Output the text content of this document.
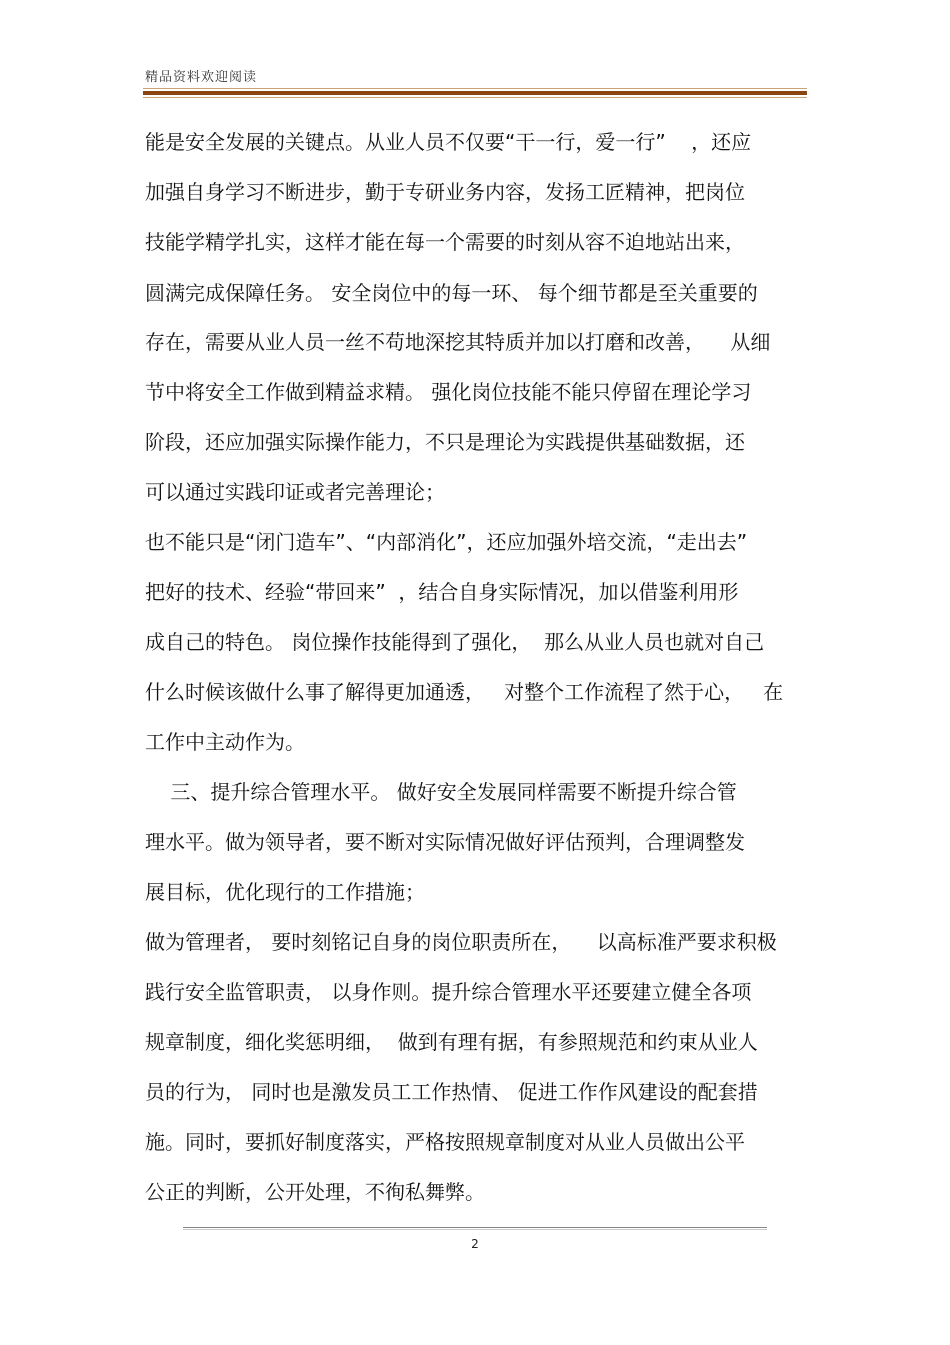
精品资料欢迎阅读
能是安全发展的关键点。从业人员不仅要“干一行，爱一行”    ，还应
加强自身学习不断进步，勤于专研业务内容，发扬工匠精神，把岗位
技能学精学扎实，这样才能在每一个需要的时刻从容不迫地站出来，
圆满完成保障任务。 安全岗位中的每一环、 每个细节都是至关重要的
存在，需要从业人员一丝不苟地深挖其特质并加以打磨和改善，    从细
节中将安全工作做到精益求精。 强化岗位技能不能只停留在理论学习
阶段，还应加强实际操作能力，不只是理论为实践提供基础数据，还
可以通过实践印证或者完善理论；
也不能只是“闭门造车”、“内部消化”，还应加强外培交流，“走出去”
把好的技术、经验“带回来”  ，结合自身实际情况，加以借鉴利用形
成自己的特色。 岗位操作技能得到了强化，  那么从业人员也就对自己
什么时候该做什么事了解得更加通透，   对整个工作流程了然于心，   在
工作中主动作为。
三、提升综合管理水平。 做好安全发展同样需要不断提升综合管
理水平。做为领导者，要不断对实际情况做好评估预判，合理调整发
展目标，优化现行的工作措施；
做为管理者， 要时刻铭记自身的岗位职责所在，    以高标准严要求积极
践行安全监管职责， 以身作则。提升综合管理水平还要建立健全各项
规章制度，细化奖惩明细，  做到有理有据，有参照规范和约束从业人
员的行为， 同时也是激发员工工作热情、 促进工作作风建设的配套措
施。同时，要抓好制度落实，严格按照规章制度对从业人员做出公平
公正的判断，公开处理，不徇私舞弊。
2
